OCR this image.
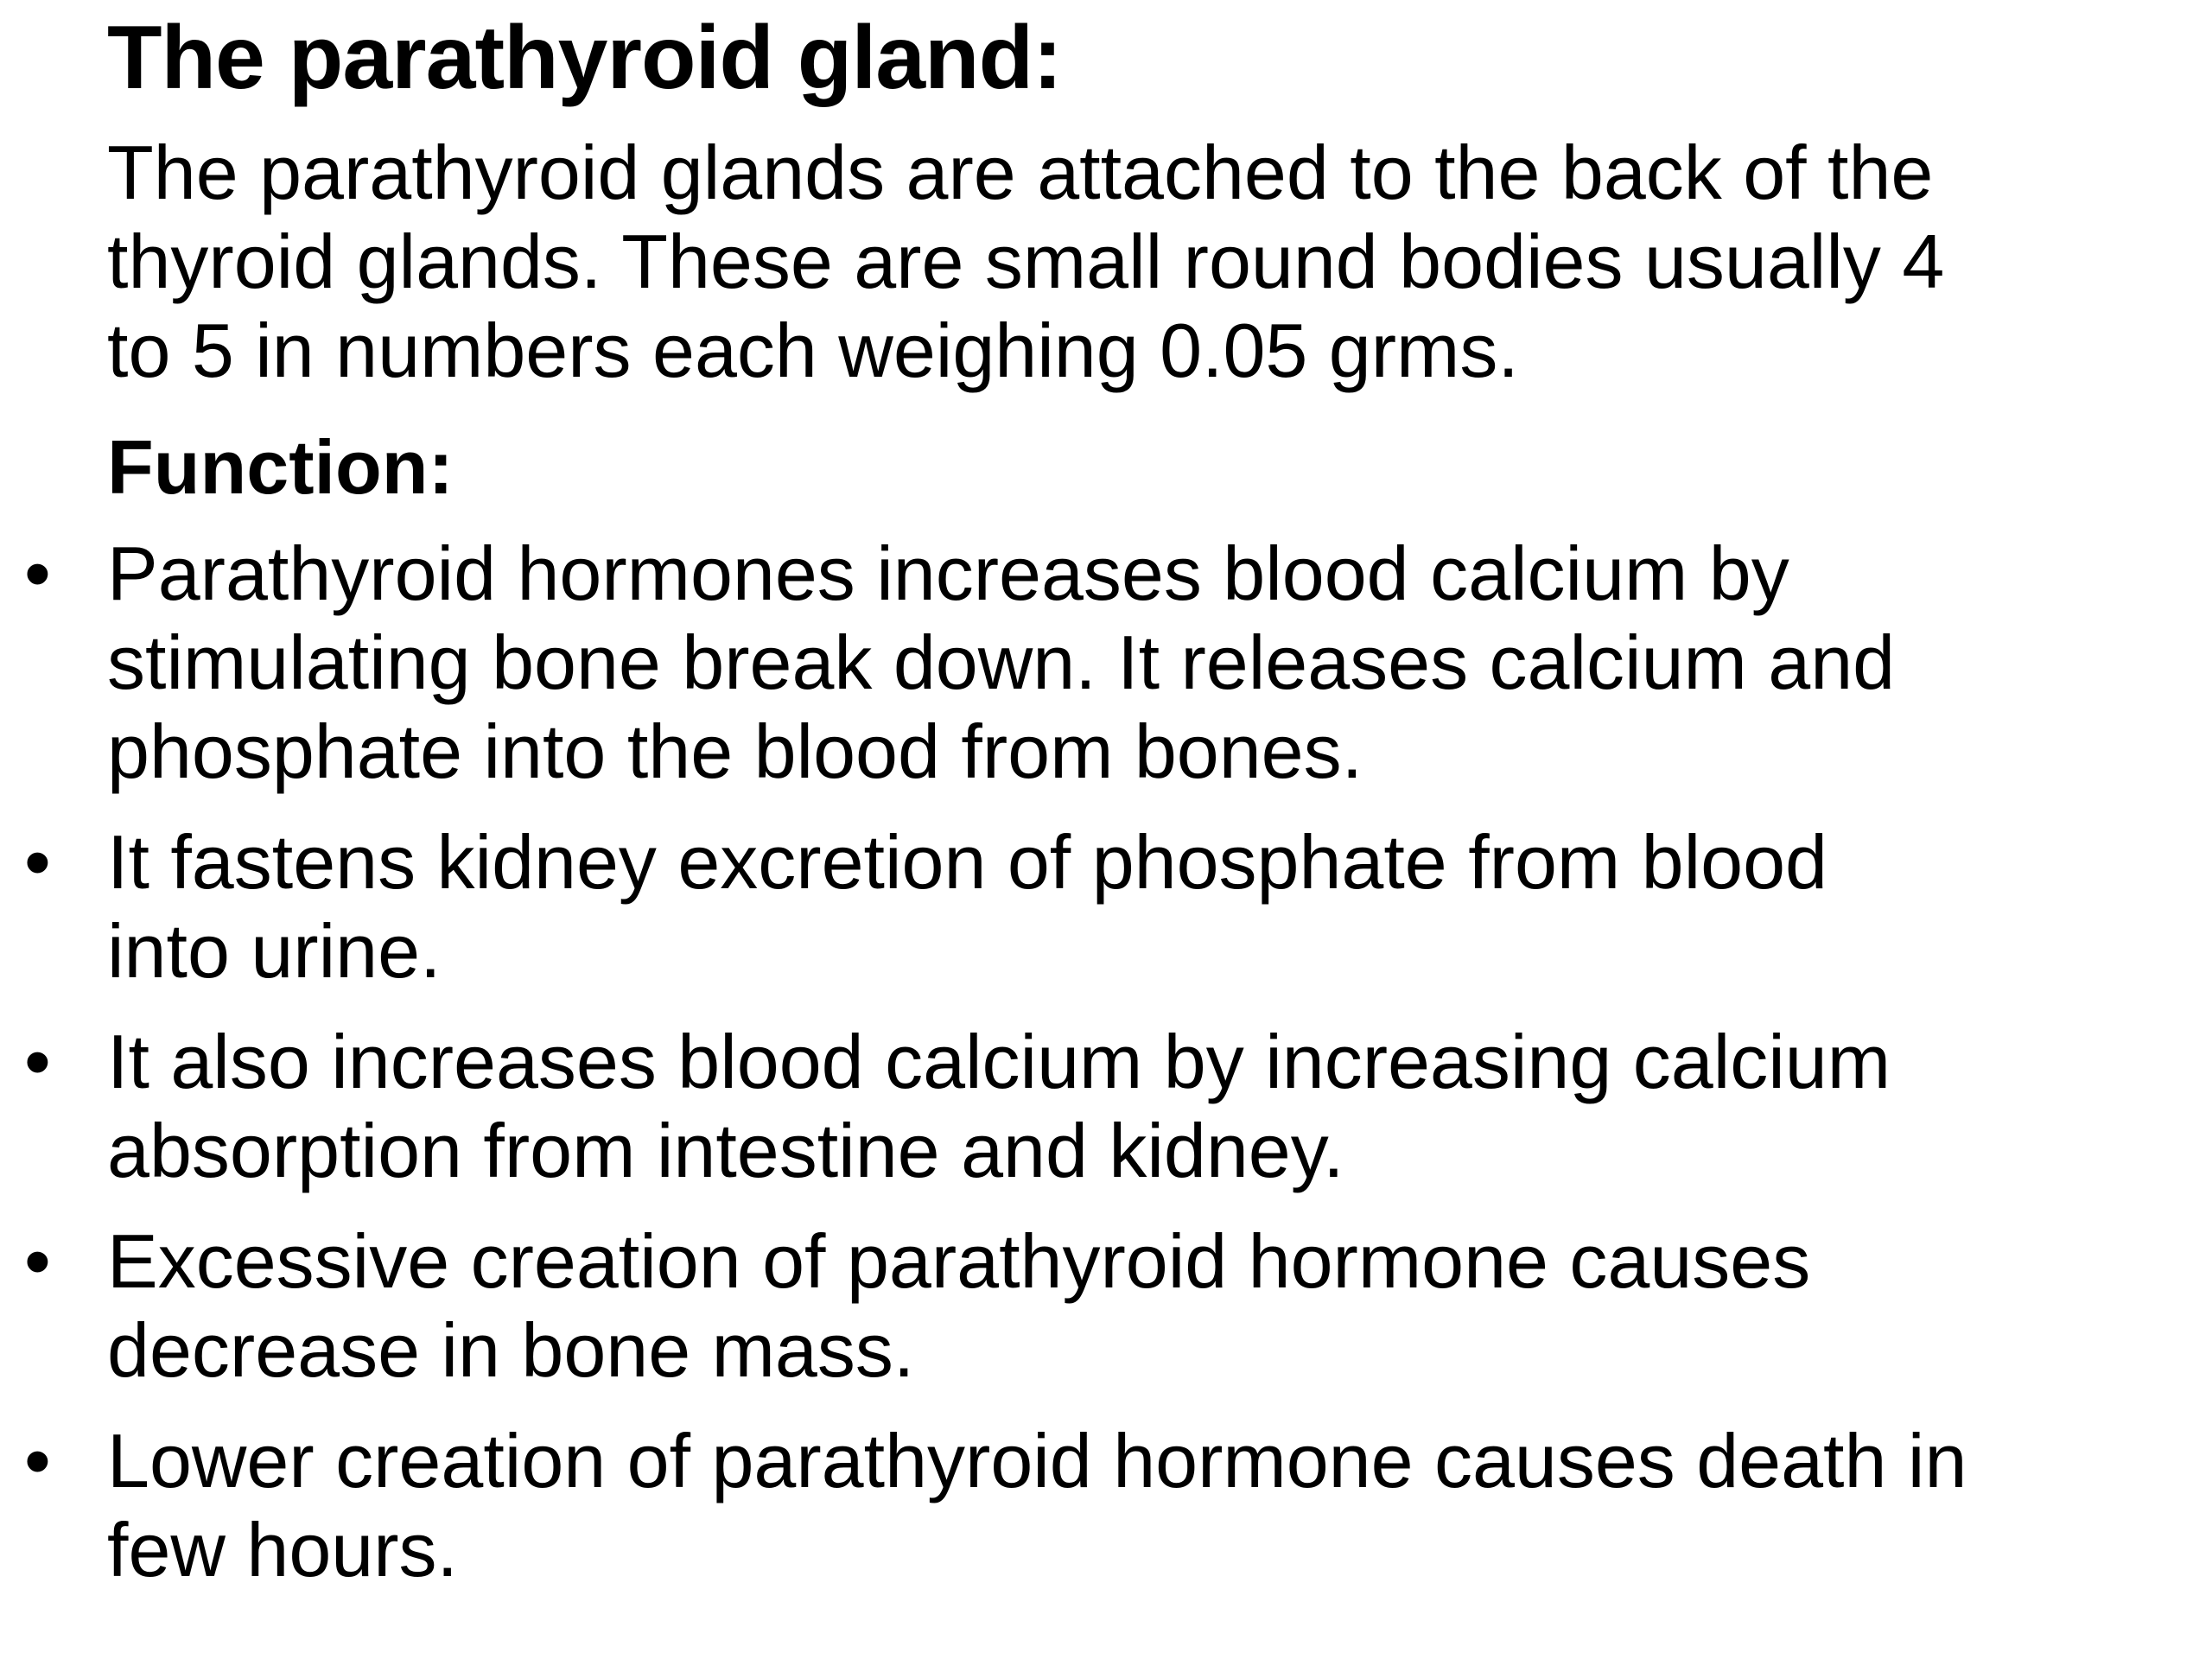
The parathyroid gland:

The parathyroid glands are attached to the back of the
thyroid glands. These are small round bodies usually 4
to 5 in numbers each weighing 0.05 grms.

Function:
• Parathyroid hormones increases blood calcium by
stimulating bone break down. It releases calcium and
phosphate into the blood from bones.
• It fastens kidney excretion of phosphate from blood
into urine.
• It also increases blood calcium by increasing calcium
absorption from intestine and kidney.
• Excessive creation of parathyroid hormone causes
decrease in bone mass.
• Lower creation of parathyroid hormone causes death in
few hours.
